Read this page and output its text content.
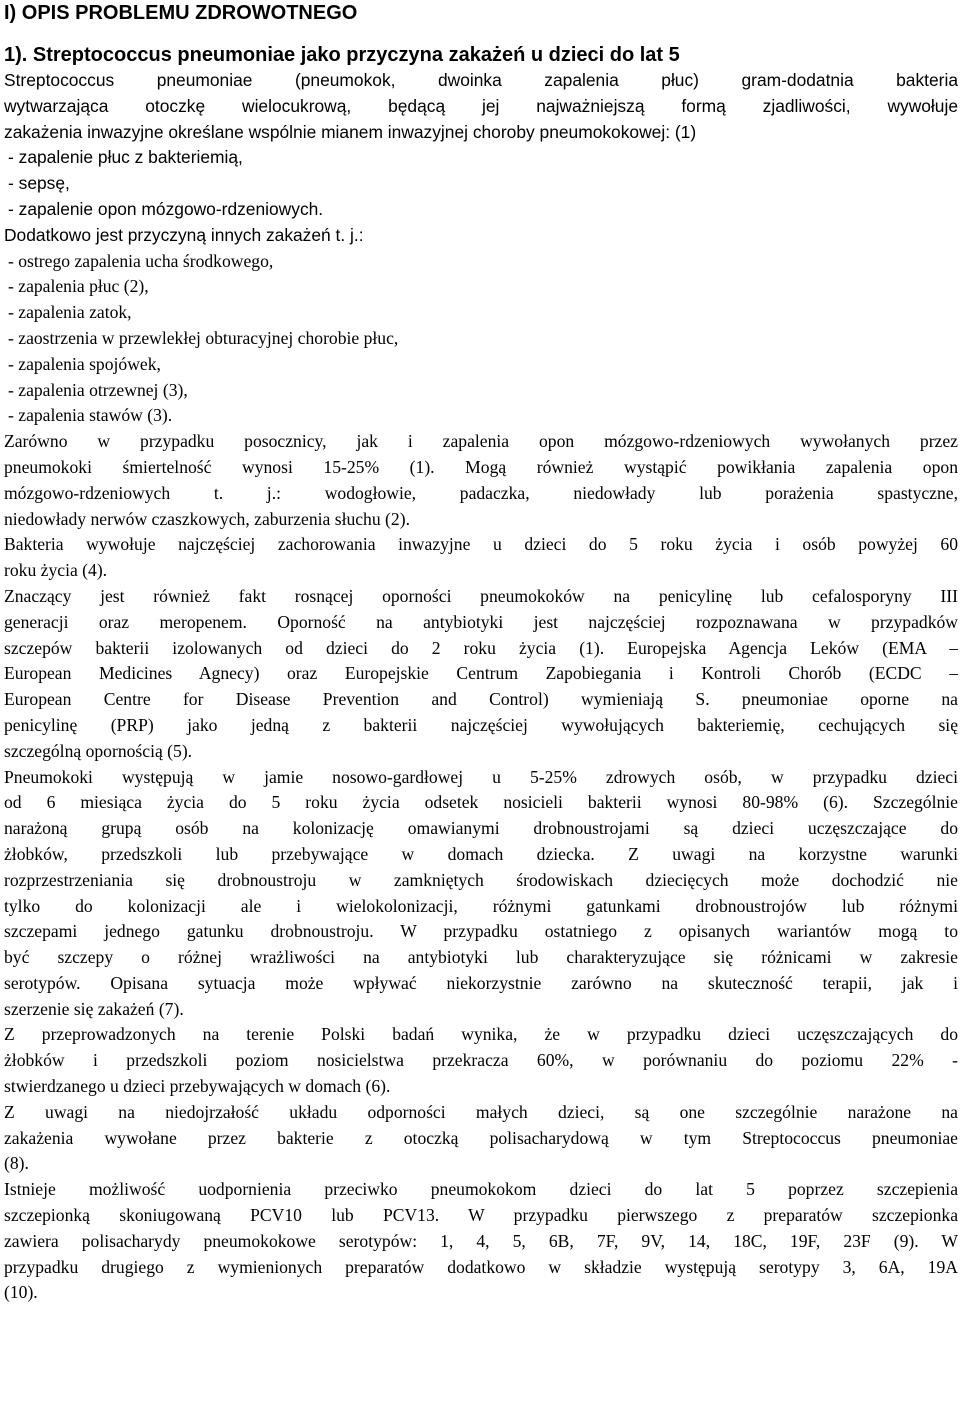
I) OPIS PROBLEMU ZDROWOTNEGO
1). Streptococcus pneumoniae jako przyczyna zakażeń u dzieci do lat 5
Streptococcus pneumoniae (pneumokok, dwoinka zapalenia płuc) gram-dodatnia bakteria
wytwarzająca otoczkę wielocukrową, będącą jej najważniejszą formą zjadliwości, wywołuje
zakażenia inwazyjne określane wspólnie mianem inwazyjnej choroby pneumokokowej: (1)
- zapalenie płuc z bakteriemią,
- sepsę,
- zapalenie opon mózgowo-rdzeniowych.
Dodatkowo jest przyczyną innych zakażeń t. j.:
- ostrego zapalenia ucha środkowego,
- zapalenia płuc (2),
- zapalenia zatok,
- zaostrzenia w przewlekłej obturacyjnej chorobie płuc,
- zapalenia spojówek,
- zapalenia otrzewnej (3),
- zapalenia stawów (3).
Zarówno w przypadku posocznicy, jak i zapalenia opon mózgowo-rdzeniowych wywołanych przez
pneumokoki śmiertelność wynosi 15-25% (1). Mogą również wystąpić powikłania zapalenia opon
mózgowo-rdzeniowych t. j.: wodogłowie, padaczka, niedowłady lub porażenia spastyczne,
niedowłady nerwów czaszkowych, zaburzenia słuchu (2).
Bakteria wywołuje najczęściej zachorowania inwazyjne u dzieci do 5 roku życia i osób powyżej 60
roku życia (4).
Znaczący jest również fakt rosnącej oporności pneumokoków na penicylinę lub cefalosporyny III
generacji oraz meropenem. Oporność na antybiotyki jest najczęściej rozpoznawana w przypadków
szczepów bakterii izolowanych od dzieci do 2 roku życia (1). Europejska Agencja Leków (EMA –
European Medicines Agnecy) oraz Europejskie Centrum Zapobiegania i Kontroli Chorób (ECDC –
European Centre for Disease Prevention and Control) wymieniają S. pneumoniae oporne na
penicylinę (PRP) jako jedną z bakterii najczęściej wywołujących bakteriemię, cechujących się
szczególną opornością (5).
Pneumokoki występują w jamie nosowo-gardłowej u 5-25% zdrowych osób, w przypadku dzieci
od 6 miesiąca życia do 5 roku życia odsetek nosicieli bakterii wynosi 80-98% (6). Szczególnie
narażoną grupą osób na kolonizację omawianymi drobnoustrojami są dzieci uczęszczające do
żłobków, przedszkoli lub przebywające w domach dziecka. Z uwagi na korzystne warunki
rozprzestrzeniania się drobnoustroju w zamkniętych środowiskach dziecięcych może dochodzić nie
tylko do kolonizacji ale i wielokolonizacji, różnymi gatunkami drobnoustrojów lub różnymi
szczepami jednego gatunku drobnoustroju. W przypadku ostatniego z opisanych wariantów mogą to
być szczepy o różnej wrażliwości na antybiotyki lub charakteryzujące się różnicami w zakresie
serotypów. Opisana sytuacja może wpływać niekorzystnie zarówno na skuteczność terapii, jak i
szerzenie się zakażeń (7).
Z przeprowadzonych na terenie Polski badań wynika, że w przypadku dzieci uczęszczających do
żłobków i przedszkoli poziom nosicielstwa przekracza 60%, w porównaniu do poziomu 22% -
stwierdzanego u dzieci przebywających w domach (6).
Z uwagi na niedojrzałość układu odporności małych dzieci, są one szczególnie narażone na
zakażenia wywołane przez bakterie z otoczką polisacharydową w tym Streptococcus pneumoniae
(8).
Istnieje możliwość uodpornienia przeciwko pneumokokom dzieci do lat 5 poprzez szczepienia
szczepionką skoniugowaną PCV10 lub PCV13. W przypadku pierwszego z preparatów szczepionka
zawiera polisacharydy pneumokokowe serotypów: 1, 4, 5, 6B, 7F, 9V, 14, 18C, 19F, 23F (9). W
przypadku drugiego z wymienionych preparatów dodatkowo w składzie występują serotypy 3, 6A, 19A
(10).
